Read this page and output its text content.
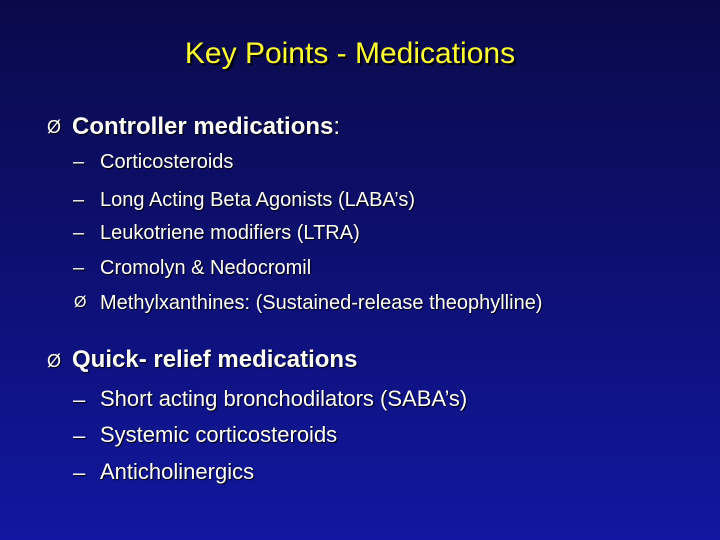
Key Points - Medications
Ø Controller medications:
– Corticosteroids
– Long Acting Beta Agonists (LABA’s)
– Leukotriene modifiers (LTRA)
– Cromolyn & Nedocromil
Ø Methylxanthines: (Sustained-release theophylline)
Ø Quick- relief medications
– Short acting bronchodilators (SABA’s)
– Systemic corticosteroids
– Anticholinergics
